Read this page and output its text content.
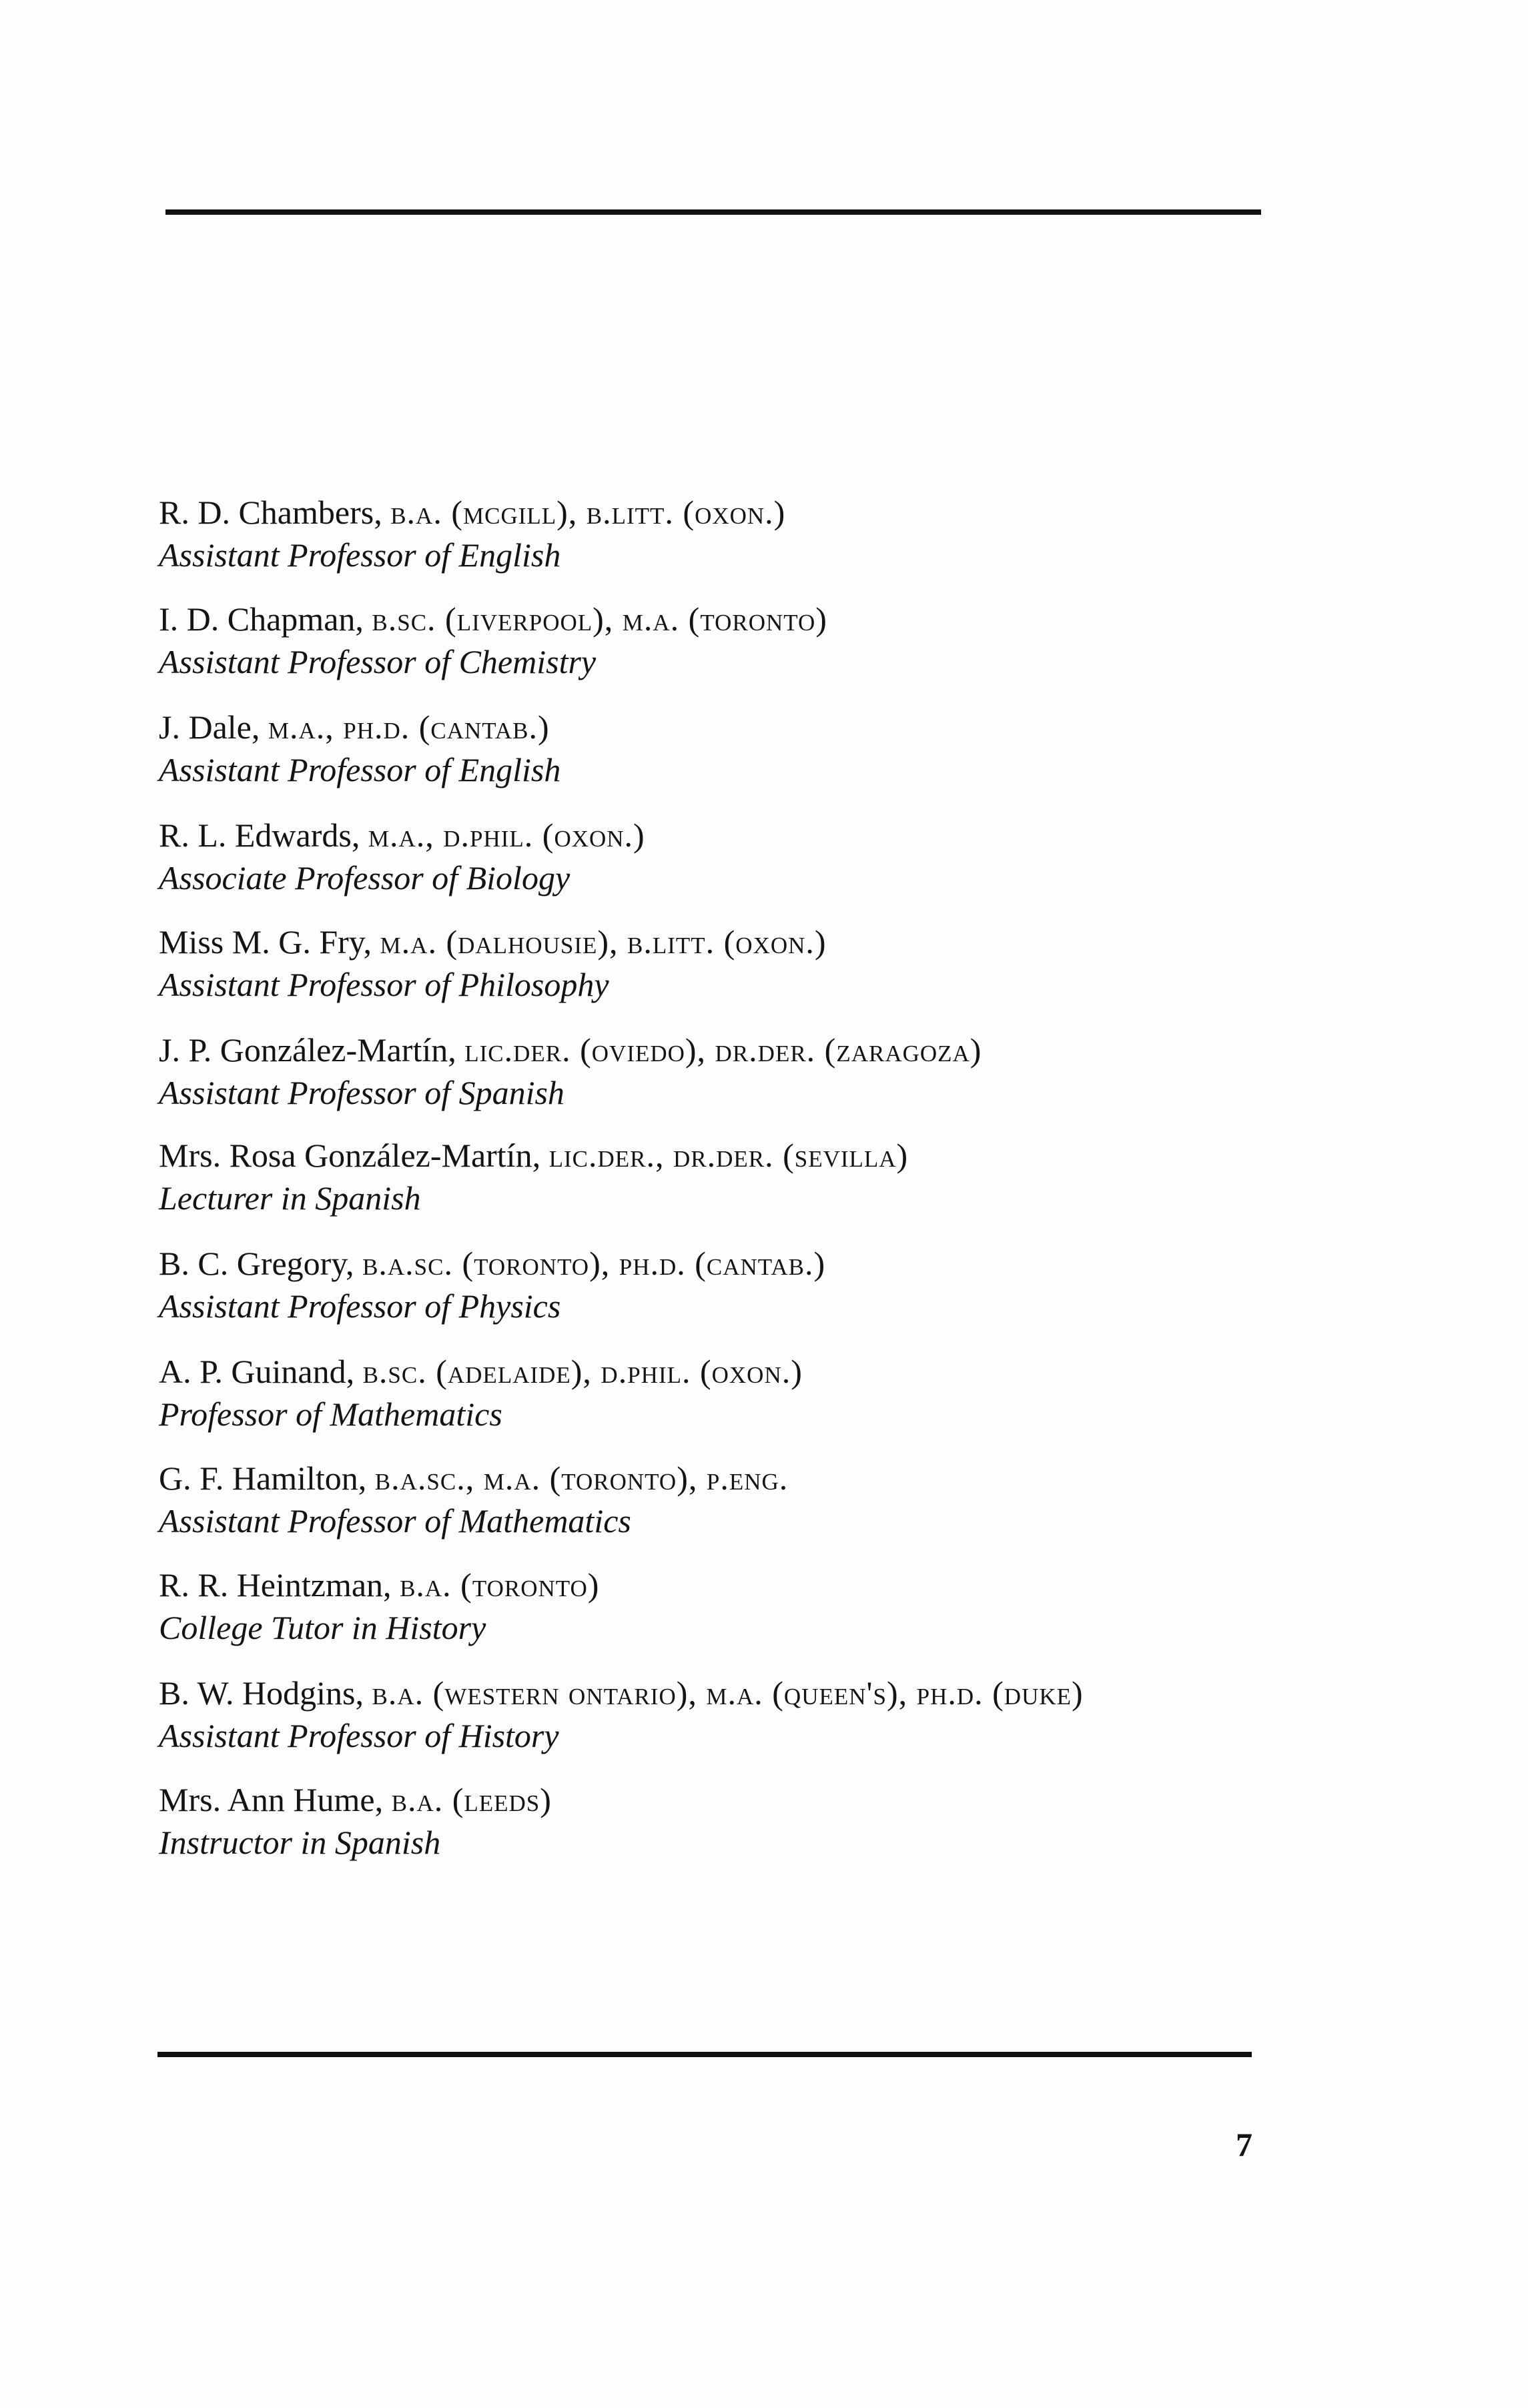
R. D. Chambers, b.a. (mcgill), b.litt. (oxon.)
Assistant Professor of English
I. D. Chapman, b.sc. (liverpool), m.a. (toronto)
Assistant Professor of Chemistry
J. Dale, m.a., ph.d. (cantab.)
Assistant Professor of English
R. L. Edwards, m.a., d.phil. (oxon.)
Associate Professor of Biology
Miss M. G. Fry, m.a. (dalhousie), b.litt. (oxon.)
Assistant Professor of Philosophy
J. P. González-Martín, lic.der. (oviedo), dr.der. (zaragoza)
Assistant Professor of Spanish
Mrs. Rosa González-Martín, lic.der., dr.der. (sevilla)
Lecturer in Spanish
B. C. Gregory, b.a.sc. (toronto), ph.d. (cantab.)
Assistant Professor of Physics
A. P. Guinand, b.sc. (adelaide), d.phil. (oxon.)
Professor of Mathematics
G. F. Hamilton, b.a.sc., m.a. (toronto), p.eng.
Assistant Professor of Mathematics
R. R. Heintzman, b.a. (toronto)
College Tutor in History
B. W. Hodgins, b.a. (western ontario), m.a. (queen's), ph.d. (duke)
Assistant Professor of History
Mrs. Ann Hume, b.a. (leeds)
Instructor in Spanish
7
